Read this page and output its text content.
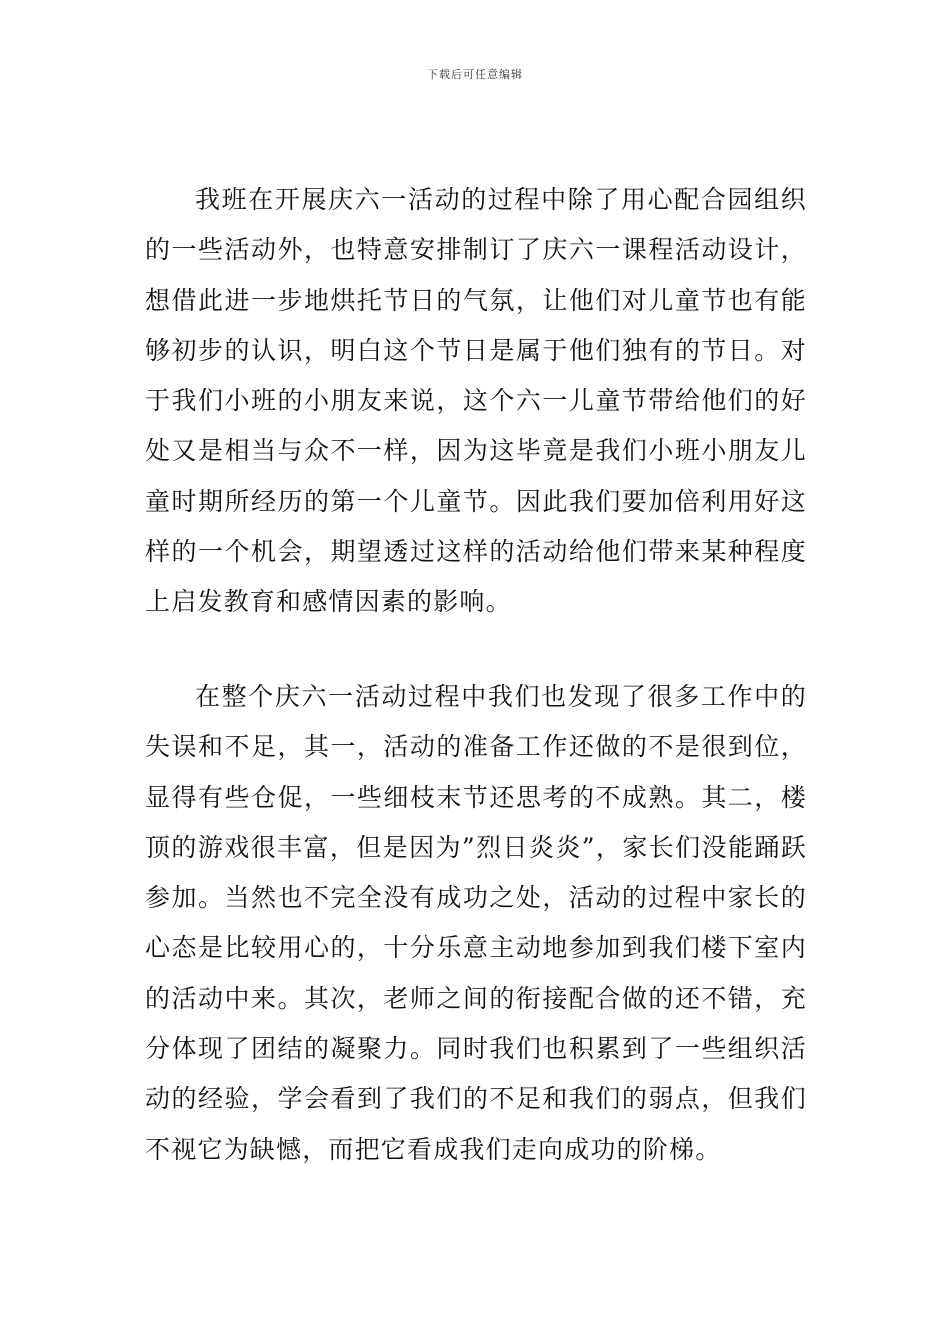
下载后可任意编辑

我班在开展庆六一活动的过程中除了用心配合园组织的一些活动外，也特意安排制订了庆六一课程活动设计，想借此进一步地烘托节日的气氛，让他们对儿童节也有能够初步的认识，明白这个节日是属于他们独有的节日。对于我们小班的小朋友来说，这个六一儿童节带给他们的好处又是相当与众不一样，因为这毕竟是我们小班小朋友儿童时期所经历的第一个儿童节。因此我们要加倍利用好这样的一个机会，期望透过这样的活动给他们带来某种程度上启发教育和感情因素的影响。

在整个庆六一活动过程中我们也发现了很多工作中的失误和不足，其一，活动的准备工作还做的不是很到位，显得有些仓促，一些细枝末节还思考的不成熟。其二，楼顶的游戏很丰富，但是因为”烈日炎炎”，家长们没能踊跃参加。当然也不完全没有成功之处，活动的过程中家长的心态是比较用心的，十分乐意主动地参加到我们楼下室内的活动中来。其次，老师之间的衔接配合做的还不错，充分体现了团结的凝聚力。同时我们也积累到了一些组织活动的经验，学会看到了我们的不足和我们的弱点，但我们不视它为缺憾，而把它看成我们走向成功的阶梯。
